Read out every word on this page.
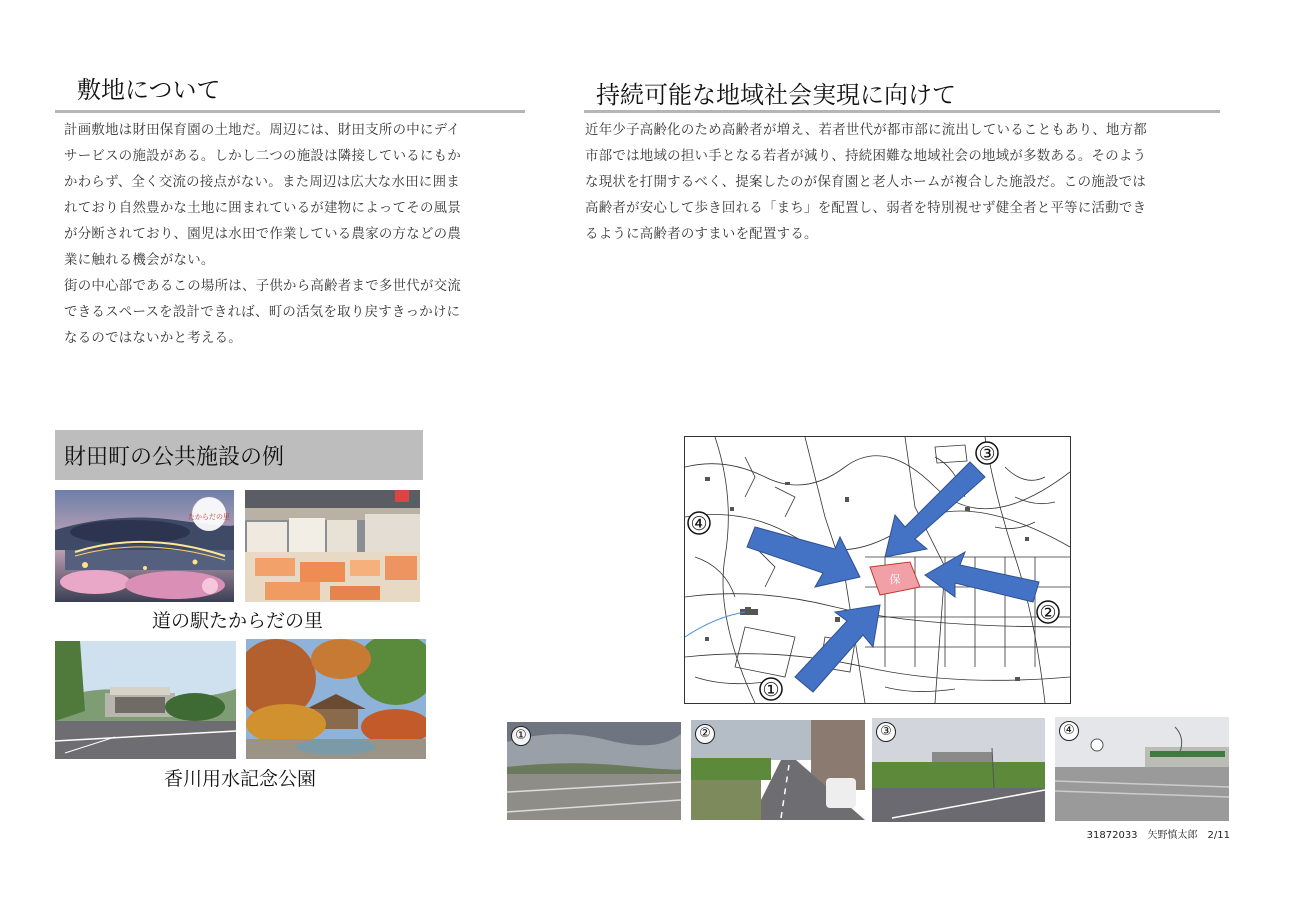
敷地について
計画敷地は財田保育園の土地だ。周辺には、財田支所の中にデイ
サービスの施設がある。しかし二つの施設は隣接しているにもか
かわらず、全く交流の接点がない。また周辺は広大な水田に囲ま
れており自然豊かな土地に囲まれているが建物によってその風景
が分断されており、園児は水田で作業している農家の方などの農
業に触れる機会がない。
街の中心部であるこの場所は、子供から高齢者まで多世代が交流
できるスペースを設計できれば、町の活気を取り戻すきっかけに
なるのではないかと考える。
持続可能な地域社会実現に向けて
近年少子高齢化のため高齢者が増え、若者世代が都市部に流出していることもあり、地方都
市部では地域の担い手となる若者が減り、持続困難な地域社会の地域が多数ある。そのよう
な現状を打開するべく、提案したのが保育園と老人ホームが複合した施設だ。この施設では
高齢者が安心して歩き回れる「まち」を配置し、弱者を特別視せず健全者と平等に活動でき
るように高齢者のすまいを配置する。
財田町の公共施設の例
たからだの里
道の駅たからだの里
香川用水記念公園
保
③
②
①
④
①	②	③	④
31872033　矢野慎太郎　2/11
